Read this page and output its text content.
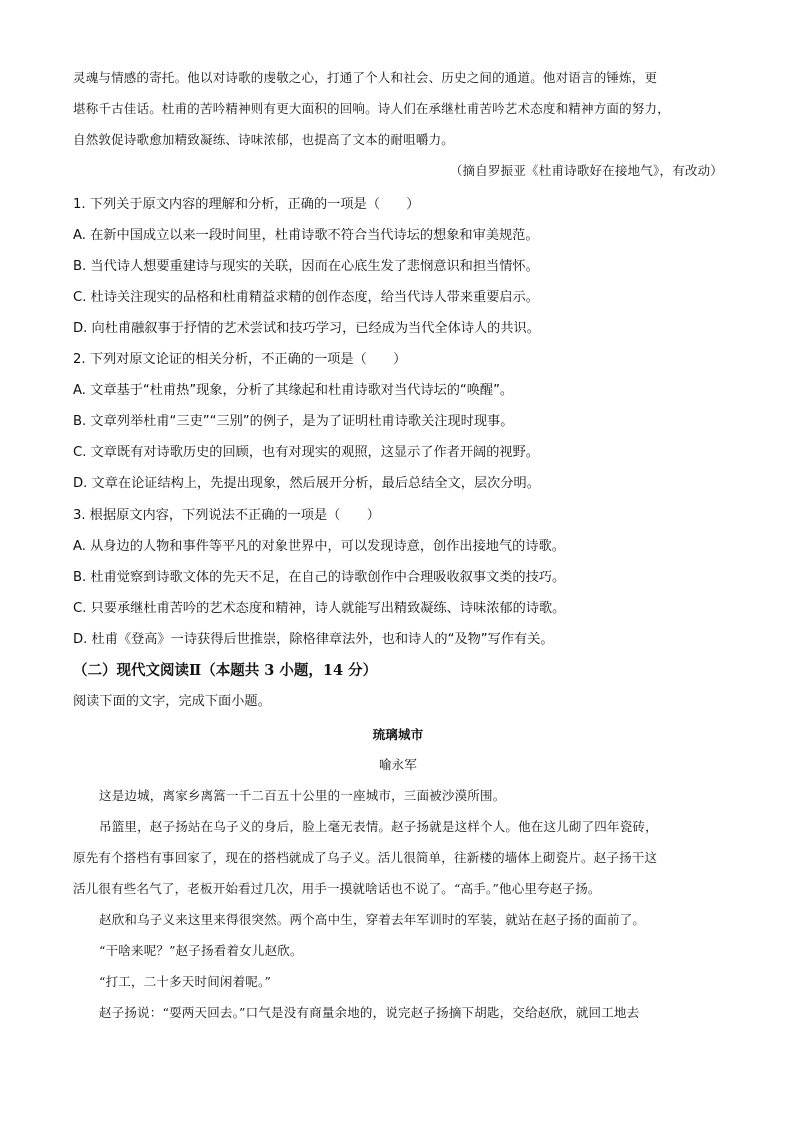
灵魂与情感的寄托。他以对诗歌的虔敬之心，打通了个人和社会、历史之间的通道。他对语言的锤炼，更
堪称千古佳话。杜甫的苦吟精神则有更大面积的回响。诗人们在承继杜甫苦吟艺术态度和精神方面的努力，
自然敦促诗歌愈加精致凝练、诗味浓郁，也提高了文本的耐咀嚼力。
（摘自罗振亚《杜甫诗歌好在接地气》，有改动）
1. 下列关于原文内容的理解和分析，正确的一项是（　　）
A. 在新中国成立以来一段时间里，杜甫诗歌不符合当代诗坛的想象和审美规范。
B. 当代诗人想要重建诗与现实的关联，因而在心底生发了悲悯意识和担当情怀。
C. 杜诗关注现实的品格和杜甫精益求精的创作态度，给当代诗人带来重要启示。
D. 向杜甫融叙事于抒情的艺术尝试和技巧学习，已经成为当代全体诗人的共识。
2. 下列对原文论证的相关分析，不正确的一项是（　　）
A. 文章基于“杜甫热”现象，分析了其缘起和杜甫诗歌对当代诗坛的“唤醒”。
B. 文章列举杜甫“三吏”“三别”的例子，是为了证明杜甫诗歌关注现时现事。
C. 文章既有对诗歌历史的回顾，也有对现实的观照，这显示了作者开阔的视野。
D. 文章在论证结构上，先提出现象，然后展开分析，最后总结全文，层次分明。
3. 根据原文内容，下列说法不正确的一项是（　　）
A. 从身边的人物和事件等平凡的对象世界中，可以发现诗意，创作出接地气的诗歌。
B. 杜甫觉察到诗歌文体的先天不足，在自己的诗歌创作中合理吸收叙事文类的技巧。
C. 只要承继杜甫苦吟的艺术态度和精神，诗人就能写出精致凝练、诗味浓郁的诗歌。
D. 杜甫《登高》一诗获得后世推崇，除格律章法外，也和诗人的“及物”写作有关。
（二）现代文阅读Ⅱ（本题共 3 小题，14 分）
阅读下面的文字，完成下面小题。
琉璃城市
喻永军
这是边城，离家乡离篙一千二百五十公里的一座城市，三面被沙漠所围。
吊篮里，赵子扬站在乌子义的身后，脸上毫无表情。赵子扬就是这样个人。他在这儿砌了四年瓷砖，
原先有个搭档有事回家了，现在的搭档就成了乌子义。活儿很简单，往新楼的墙体上砌瓷片。赵子扬干这
活儿很有些名气了，老板开始看过几次，用手一摸就啥话也不说了。“高手。”他心里夸赵子扬。
赵欣和乌子义来这里来得很突然。两个高中生，穿着去年军训时的军装，就站在赵子扬的面前了。
“干啥来呢？”赵子扬看着女儿赵欣。
“打工，二十多天时间闲着呢。”
赵子扬说：“耍两天回去。”口气是没有商量余地的，说完赵子扬摘下胡匙，交给赵欣，就回工地去
